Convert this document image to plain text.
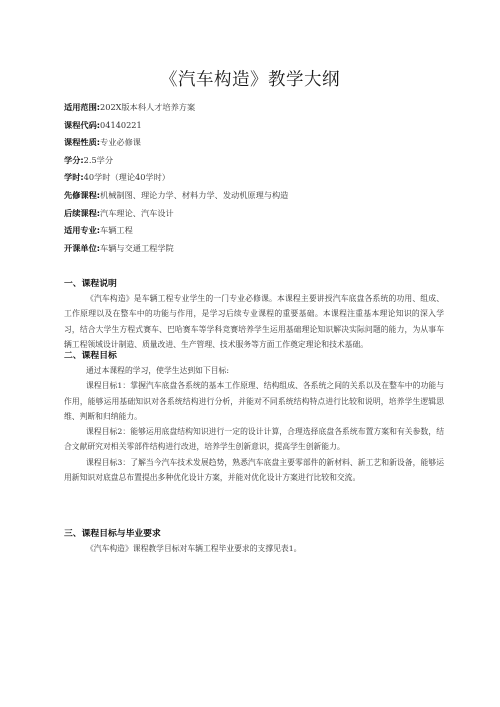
《汽车构造》教学大纲
适用范围:202X版本科人才培养方案
课程代码:04140221
课程性质:专业必修课
学分:2.5学分
学时:40学时（理论40学时）
先修课程:机械制图、理论力学、材料力学、发动机原理与构造
后续课程:汽车理论、汽车设计
适用专业:车辆工程
开课单位:车辆与交通工程学院
一、课程说明

《汽车构造》是车辆工程专业学生的一门专业必修课。本课程主要讲授汽车底盘各系统的功用、组成、工作原理以及在整车中的功能与作用，是学习后续专业课程的重要基础。本课程注重基本理论知识的深入学习，结合大学生方程式赛车、巴哈赛车等学科竞赛培养学生运用基础理论知识解决实际问题的能力，为从事车辆工程领域设计制造、质量改进、生产管理、技术服务等方面工作奠定理论和技术基础。

二、课程目标

通过本课程的学习，使学生达到如下目标:

课程目标1：掌握汽车底盘各系统的基本工作原理、结构组成、各系统之间的关系以及在整车中的功能与作用，能够运用基础知识对各系统结构进行分析，并能对不同系统结构特点进行比较和说明，培养学生逻辑思维、判断和归纳能力。

课程目标2：能够运用底盘结构知识进行一定的设计计算，合理选择底盘各系统布置方案和有关参数，结合文献研究对相关零部件结构进行改进，培养学生创新意识，提高学生创新能力。

课程目标3：了解当今汽车技术发展趋势，熟悉汽车底盘主要零部件的新材料、新工艺和新设备，能够运用新知识对底盘总布置提出多种优化设计方案，并能对优化设计方案进行比较和交流。

三、课程目标与毕业要求

《汽车构造》课程教学目标对车辆工程毕业要求的支撑见表1。
